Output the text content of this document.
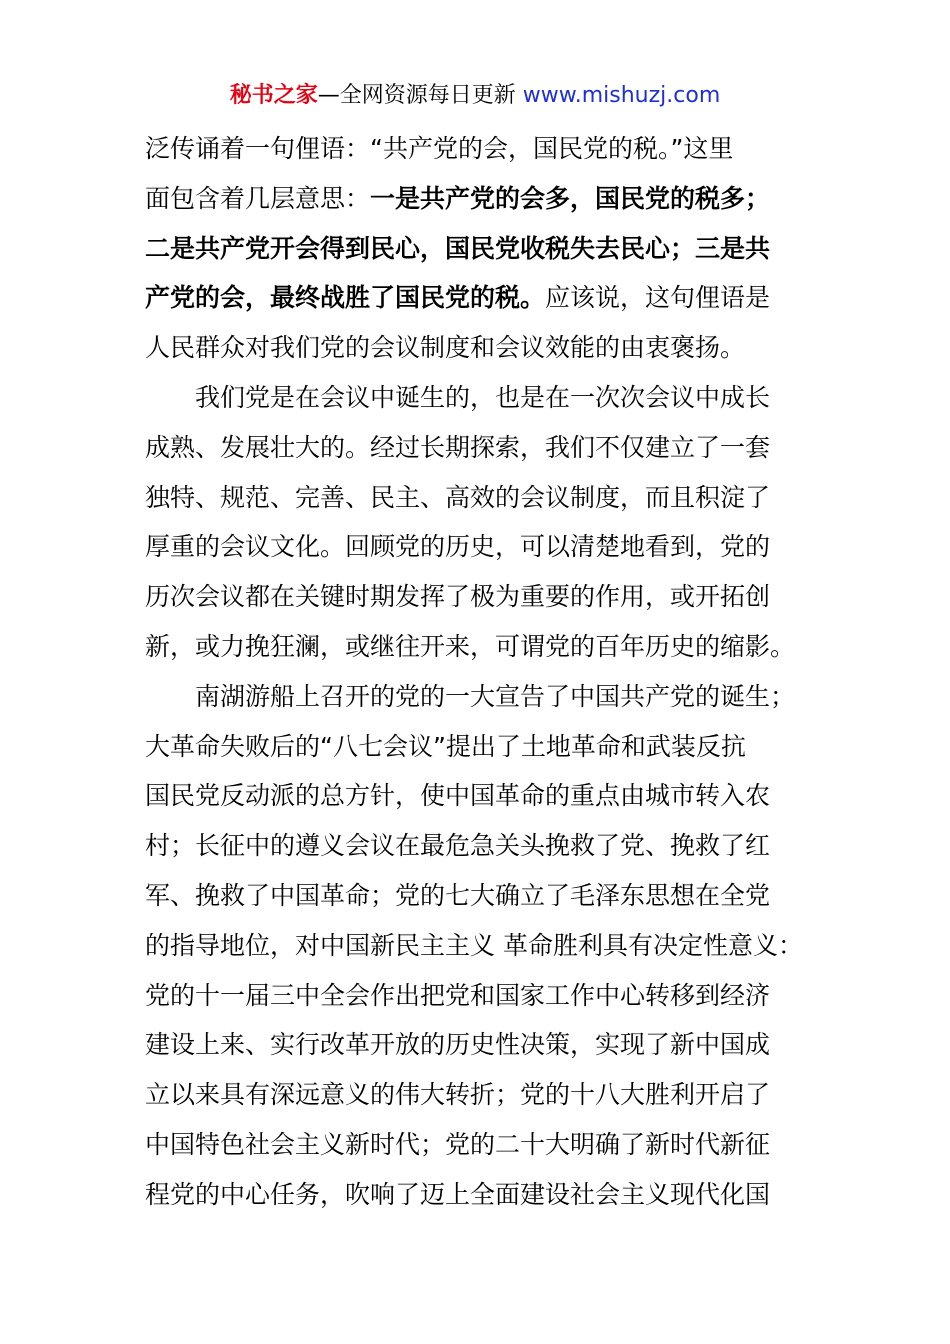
秘书之家—全网资源每日更新 www.mishuzj.com
泛传诵着一句俚语：“共产党的会，国民党的税。”这里
面包含着几层意思：一是共产党的会多，国民党的税多；
二是共产党开会得到民心，国民党收税失去民心；三是共
产党的会，最终战胜了国民党的税。应该说，这句俚语是
人民群众对我们党的会议制度和会议效能的由衷褒扬。
我们党是在会议中诞生的，也是在一次次会议中成长
成熟、发展壮大的。经过长期探索，我们不仅建立了一套
独特、规范、完善、民主、高效的会议制度，而且积淀了
厚重的会议文化。回顾党的历史，可以清楚地看到，党的
历次会议都在关键时期发挥了极为重要的作用，或开拓创
新，或力挽狂澜，或继往开来，可谓党的百年历史的缩影。
南湖游船上召开的党的一大宣告了中国共产党的诞生；
大革命失败后的“八七会议”提出了土地革命和武装反抗
国民党反动派的总方针，使中国革命的重点由城市转入农
村；长征中的遵义会议在最危急关头挽救了党、挽救了红
军、挽救了中国革命；党的七大确立了毛泽东思想在全党
的指导地位，对中国新民主主义 革命胜利具有决定性意义：
党的十一届三中全会作出把党和国家工作中心转移到经济
建设上来、实行改革开放的历史性决策，实现了新中国成
立以来具有深远意义的伟大转折；党的十八大胜利开启了
中国特色社会主义新时代；党的二十大明确了新时代新征
程党的中心任务，吹响了迈上全面建设社会主义现代化国
